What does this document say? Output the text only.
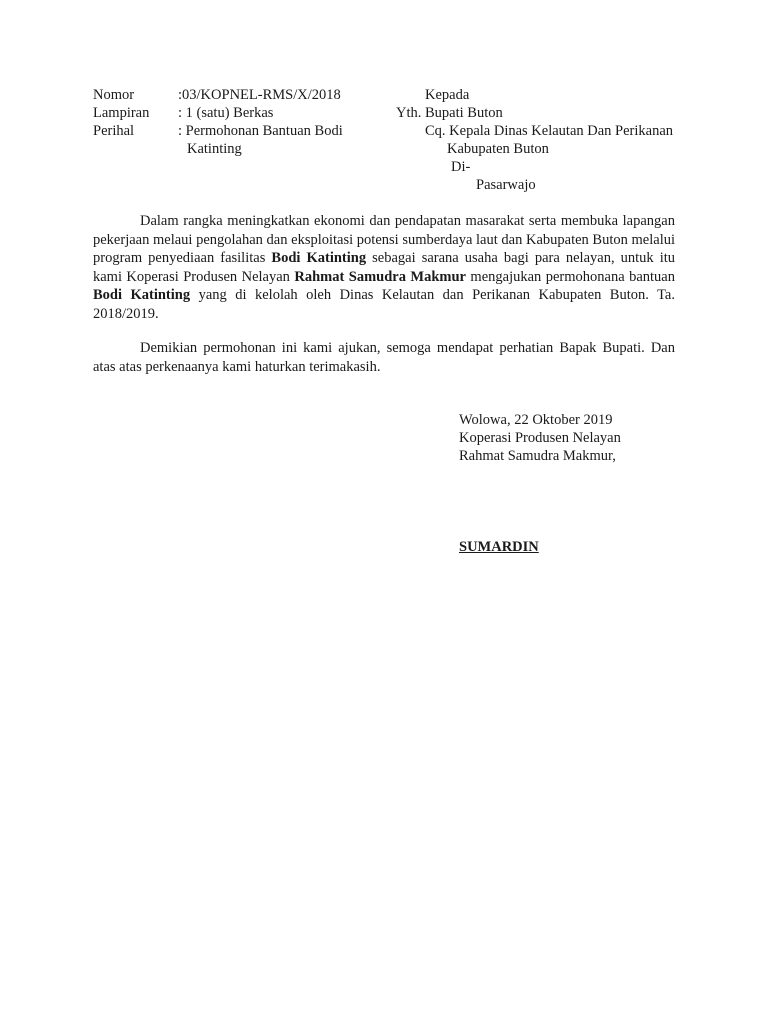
Nomor	:03/KOPNEL-RMS/X/2018
Lampiran : 1 (satu) Berkas
Perihal	: Permohonan Bantuan Bodi
Katinting
Kepada
Yth. Bupati Buton
Cq. Kepala Dinas Kelautan Dan Perikanan
Kabupaten Buton
Di-
Pasarwajo

Dalam rangka meningkatkan ekonomi dan pendapatan masarakat serta membuka lapangan pekerjaan melaui pengolahan dan eksploitasi potensi sumberdaya laut dan Kabupaten Buton melalui program penyediaan fasilitas Bodi Katinting sebagai sarana usaha bagi para nelayan, untuk itu kami Koperasi Produsen Nelayan Rahmat Samudra Makmur mengajukan permohonana bantuan Bodi Katinting yang di kelolah oleh Dinas Kelautan dan Perikanan Kabupaten Buton. Ta. 2018/2019.

Demikian permohonan ini kami ajukan, semoga mendapat perhatian Bapak Bupati. Dan atas atas perkenaanya kami haturkan terimakasih.

Wolowa, 22 Oktober 2019
Koperasi Produsen Nelayan
Rahmat Samudra Makmur,
SUMARDIN
